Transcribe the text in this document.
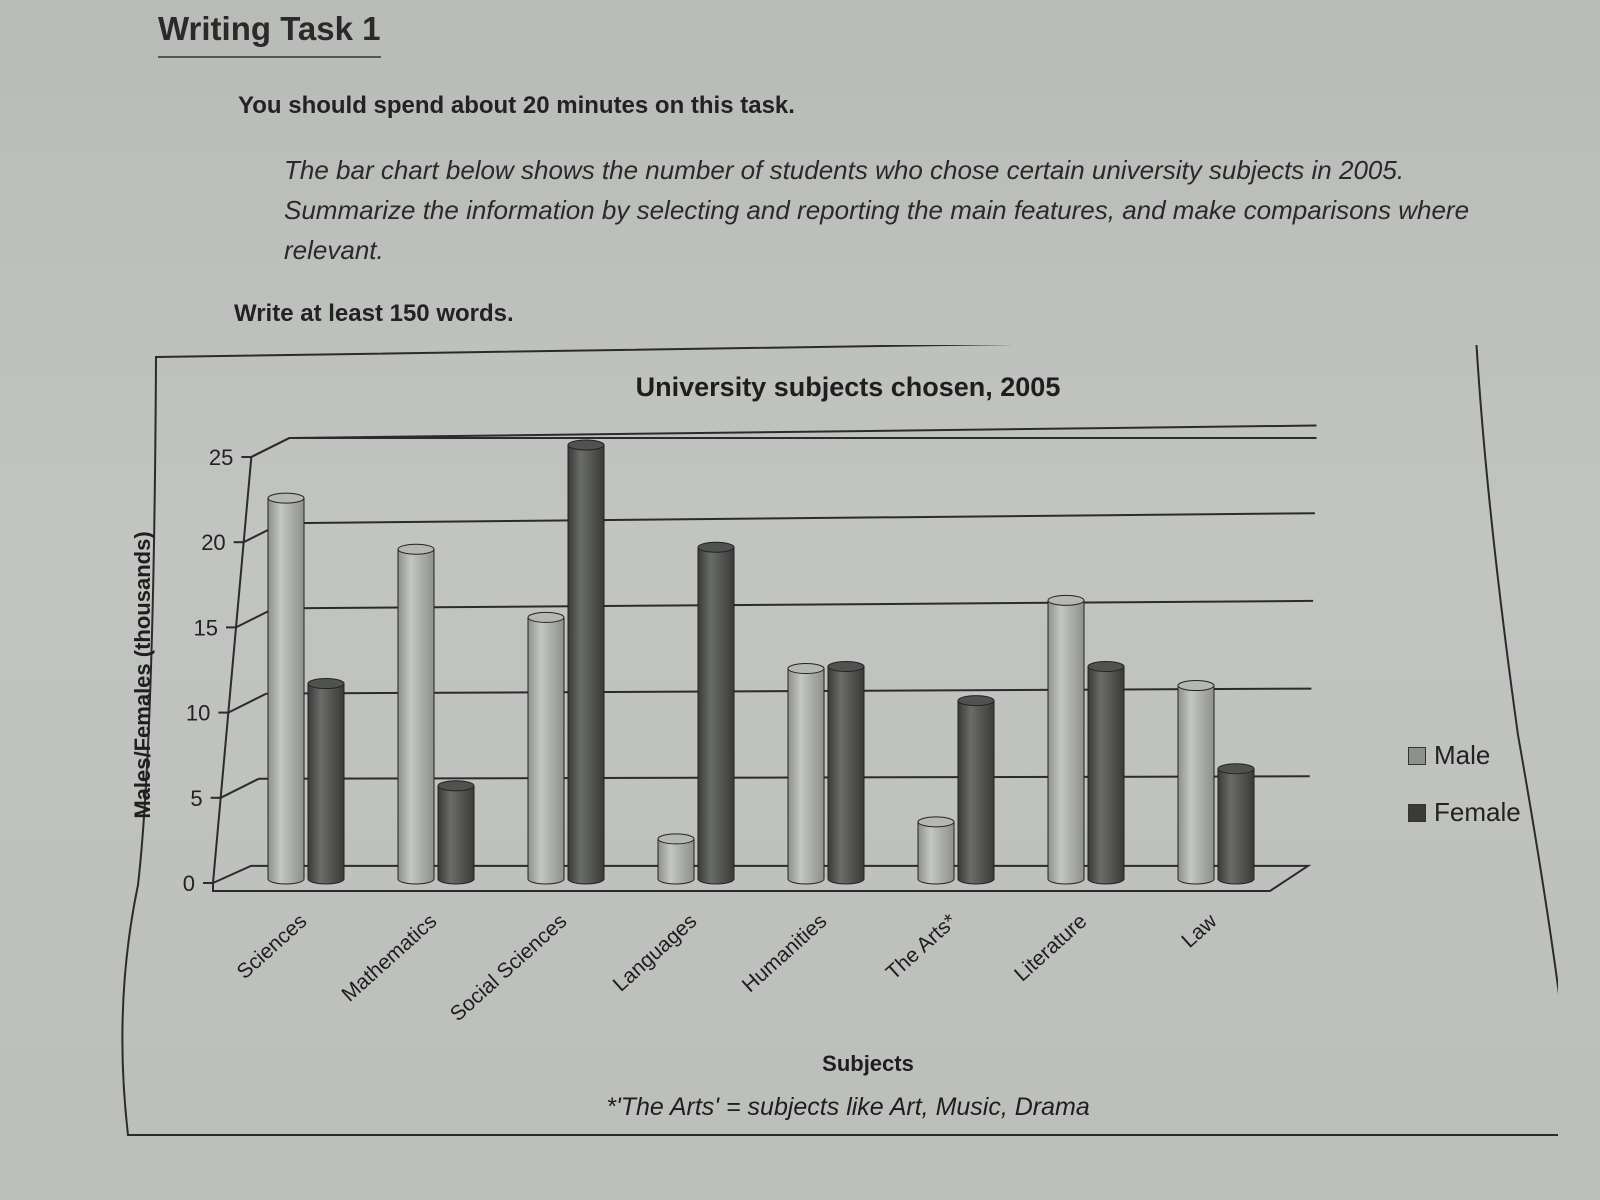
Writing Task 1
You should spend about 20 minutes on this task.
The bar chart below shows the number of students who chose certain university subjects in 2005. Summarize the information by selecting and reporting the main features, and make comparisons where relevant.
Write at least 150 words.
0
5
10
15
20
25
Males/Females (thousands)
Sciences Mathematics Social Sciences Languages Humanities The Arts* Literature	Law
University subjects chosen, 2005
Subjects
*'The Arts' = subjects like Art, Music, Drama
Male
Female
